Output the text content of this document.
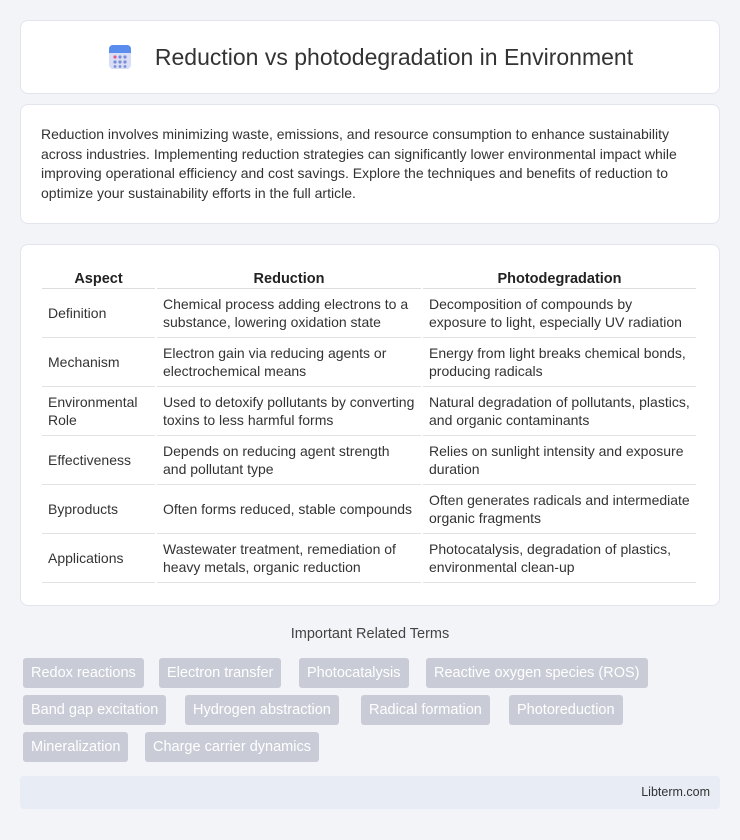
Reduction vs photodegradation in Environment

Reduction involves minimizing waste, emissions, and resource consumption to enhance sustainability across industries. Implementing reduction strategies can significantly lower environmental impact while improving operational efficiency and cost savings. Explore the techniques and benefits of reduction to optimize your sustainability efforts in the full article.

Aspect	Reduction	Photodegradation
Definition	Chemical process adding electrons to a substance, lowering oxidation state	Decomposition of compounds by exposure to light, especially UV radiation
Mechanism	Electron gain via reducing agents or electrochemical means	Energy from light breaks chemical bonds, producing radicals
Environmental Role	Used to detoxify pollutants by converting toxins to less harmful forms	Natural degradation of pollutants, plastics, and organic contaminants
Effectiveness	Depends on reducing agent strength and pollutant type	Relies on sunlight intensity and exposure duration
Byproducts	Often forms reduced, stable compounds	Often generates radicals and intermediate organic fragments
Applications	Wastewater treatment, remediation of heavy metals, organic reduction	Photocatalysis, degradation of plastics, environmental clean-up
Important Related Terms
Redox reactions	Electron transfer	Photocatalysis	Reactive oxygen species (ROS)
Band gap excitation	Hydrogen abstraction	Radical formation	Photoreduction
Mineralization	Charge carrier dynamics
Libterm.com
